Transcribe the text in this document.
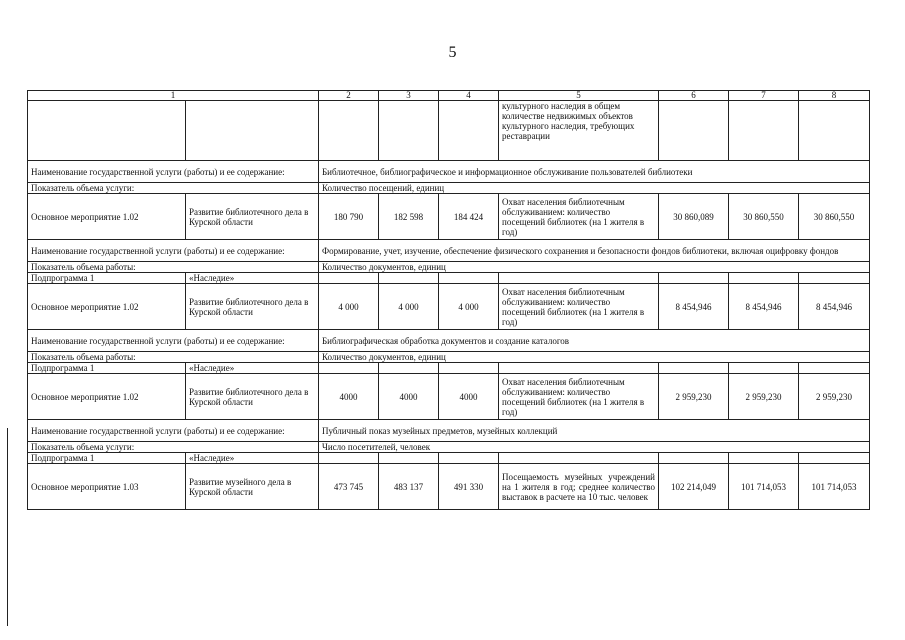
5
1		2	3	4	5	6	7	8
					культурного наследия в общем количестве недвижимых объектов культурного наследия, требующих реставрации			
Наименование государственной услуги (работы) и ее содержание:		Библиотечное, библиографическое и информационное обслуживание пользователей библиотеки						
Показатель объема услуги:		Количество посещений, единиц						
Основное мероприятие 1.02	Развитие библиотечного дела в Курской области	180 790	182 598	184 424	Охват населения библиотечным обслуживанием: количество посещений библиотек (на 1 жителя в год)	30 860,089	30 860,550	30 860,550
Наименование государственной услуги (работы) и ее содержание:		Формирование, учет, изучение, обеспечение физического сохранения и безопасности фондов библиотеки, включая оцифровку фондов						
Показатель объема работы:		Количество документов, единиц						
Подпрограмма 1	«Наследие»							
Основное мероприятие 1.02	Развитие библиотечного дела в Курской области	4 000	4 000	4 000	Охват населения библиотечным обслуживанием: количество посещений библиотек (на 1 жителя в год)	8 454,946	8 454,946	8 454,946
Наименование государственной услуги (работы) и ее содержание:		Библиографическая обработка документов и создание каталогов						
Показатель объема работы:		Количество документов, единиц						
Подпрограмма 1	«Наследие»							
Основное мероприятие 1.02	Развитие библиотечного дела в Курской области	4000	4000	4000	Охват населения библиотечным обслуживанием: количество посещений библиотек (на 1 жителя в год)	2 959,230	2 959,230	2 959,230
Наименование государственной услуги (работы) и ее содержание:		Публичный показ музейных предметов, музейных коллекций						
Показатель объема услуги:		Число посетителей, человек						
Подпрограмма 1	«Наследие»							
Основное мероприятие 1.03	Развитие музейного дела в Курской области	473 745	483 137	491 330	Посещаемость музейных учреждений на 1 жителя в год; среднее количество выставок в расчете на 10 тыс. человек	102 214,049	101 714,053	101 714,053
